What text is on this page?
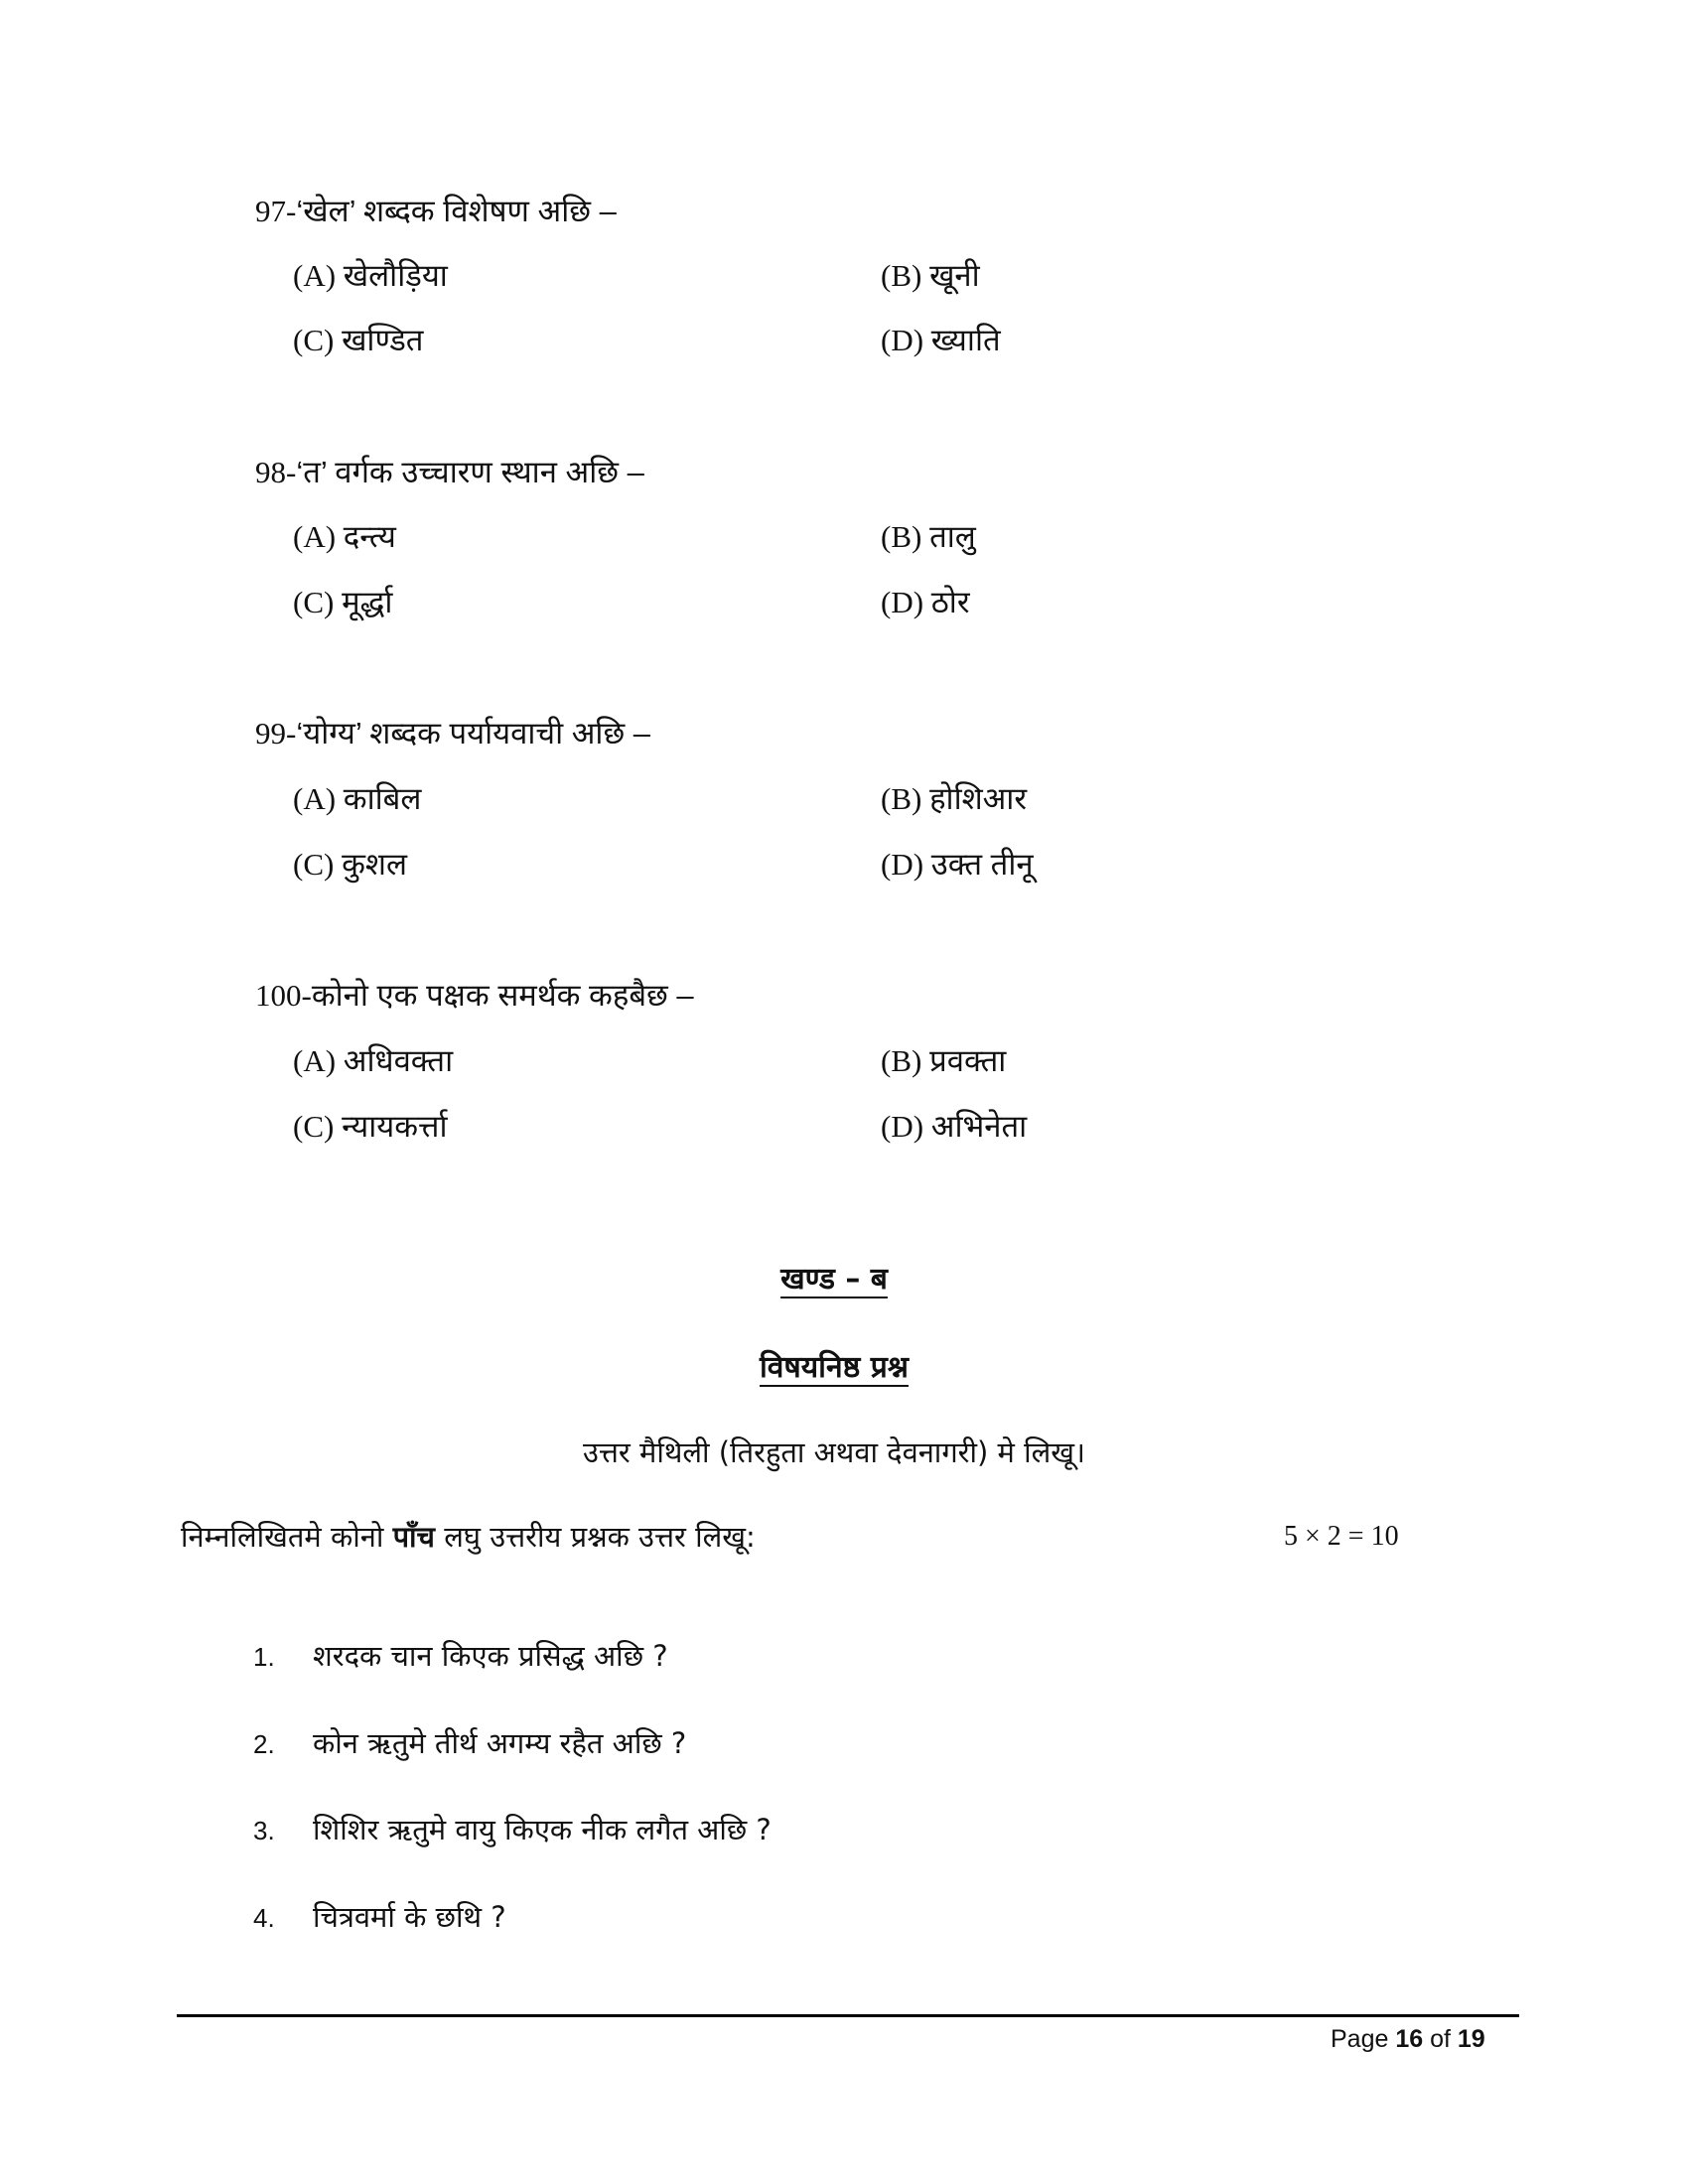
97-‘खेल’ शब्दक विशेषण अछि –
(A) खेलौड़िया	(B) खूनी
(C) खण्डित	(D) ख्याति
98-‘त’ वर्गक उच्चारण स्थान अछि –
(A) दन्त्य	(B) तालु
(C) मूर्द्धा	(D) ठोर
99-‘योग्य’ शब्दक पर्यायवाची अछि –
(A) काबिल	(B) होशिआर
(C) कुशल	(D) उक्त तीनू
100-कोनो एक पक्षक समर्थक कहबैछ –
(A) अधिवक्ता	(B) प्रवक्ता
(C) न्यायकर्त्ता	(D) अभिनेता
खण्ड – ब
विषयनिष्ठ प्रश्न
उत्तर मैथिली (तिरहुता अथवा देवनागरी) मे लिखू।
निम्नलिखितमे कोनो पाँच लघु उत्तरीय प्रश्नक उत्तर लिखू:	5 × 2 = 10
1. शरदक चान किएक प्रसिद्ध अछि ?
2. कोन ऋतुमे तीर्थ अगम्य रहैत अछि ?
3. शिशिर ऋतुमे वायु किएक नीक लगैत अछि ?
4. चित्रवर्मा के छथि ?
Page 16 of 19
